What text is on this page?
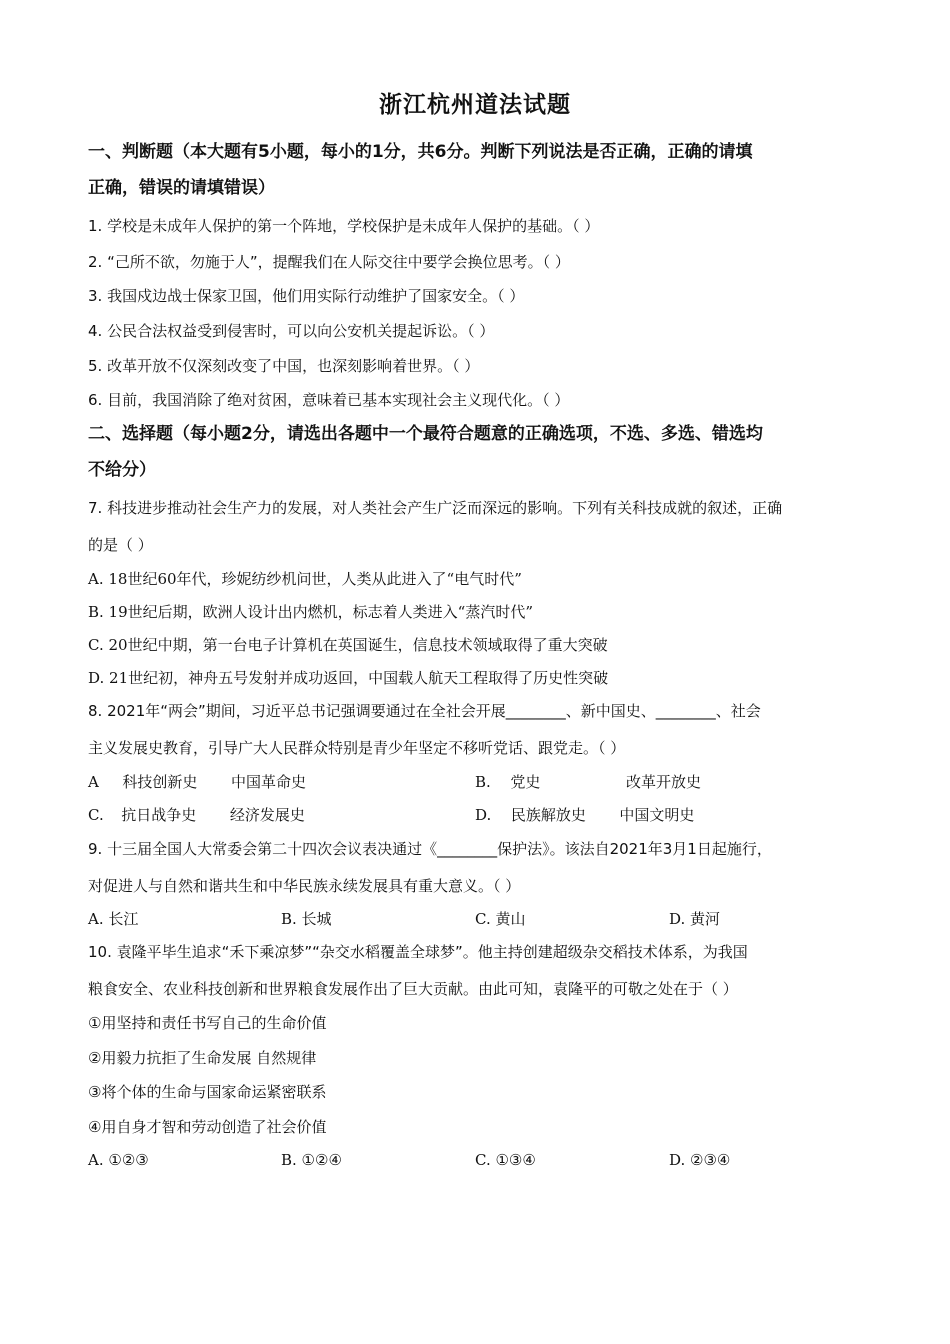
浙江杭州道法试题
一、判断题（本大题有5小题，每小的1分，共6分。判断下列说法是否正确，正确的请填
正确，错误的请填错误）
1. 学校是未成年人保护的第一个阵地，学校保护是未成年人保护的基础。（ ）
2. “己所不欲，勿施于人”，提醒我们在人际交往中要学会换位思考。（ ）
3. 我国戍边战士保家卫国，他们用实际行动维护了国家安全。（ ）
4. 公民合法权益受到侵害时，可以向公安机关提起诉讼。（ ）
5. 改革开放不仅深刻改变了中国，也深刻影响着世界。（ ）
6. 目前，我国消除了绝对贫困，意味着已基本实现社会主义现代化。（ ）
二、选择题（每小题2分，请选出各题中一个最符合题意的正确选项，不选、多选、错选均
不给分）
7. 科技进步推动社会生产力的发展，对人类社会产生广泛而深远的影响。下列有关科技成就的叙述，正确
的是（ ）
A. 18世纪60年代，珍妮纺纱机问世，人类从此进入了“电气时代”
B. 19世纪后期，欧洲人设计出内燃机，标志着人类进入“蒸汽时代”
C. 20世纪中期，第一台电子计算机在英国诞生，信息技术领域取得了重大突破
D. 21世纪初，神舟五号发射并成功返回，中国载人航天工程取得了历史性突破
8. 2021年“两会”期间，习近平总书记强调要通过在全社会开展________、新中国史、________、社会
主义发展史教育，引导广大人民群众特别是青少年坚定不移听党话、跟党走。（ ）
A 科技创新史 中国革命史	B. 党史	改革开放史
C. 抗日战争史 经济发展史	D. 民族解放史 中国文明史
9. 十三届全国人大常委会第二十四次会议表决通过《________保护法》。该法自2021年3月1日起施行，
对促进人与自然和谐共生和中华民族永续发展具有重大意义。（ ）
A. 长江	B. 长城	C. 黄山	D. 黄河
10. 袁隆平毕生追求“禾下乘凉梦”“杂交水稻覆盖全球梦”。他主持创建超级杂交稻技术体系，为我国
粮食安全、农业科技创新和世界粮食发展作出了巨大贡献。由此可知，袁隆平的可敬之处在于（ ）
①用坚持和责任书写自己的生命价值
②用毅力抗拒了生命发展 自然规律
③将个体的生命与国家命运紧密联系
④用自身才智和劳动创造了社会价值
A. ①②③	B. ①②④	C. ①③④	D. ②③④
